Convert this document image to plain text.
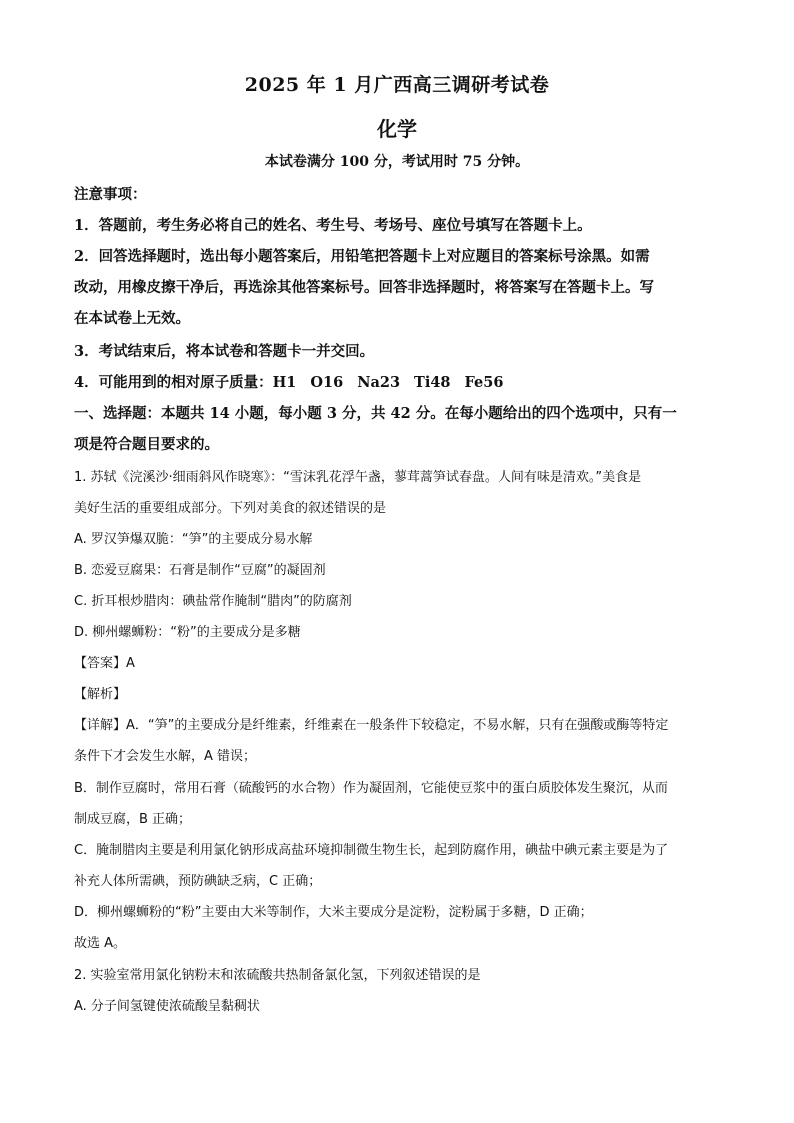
2025 年 1 月广西高三调研考试卷
化学
本试卷满分 100 分，考试用时 75 分钟。
注意事项：
1．答题前，考生务必将自己的姓名、考生号、考场号、座位号填写在答题卡上。
2．回答选择题时，选出每小题答案后，用铅笔把答题卡上对应题目的答案标号涂黑。如需
改动，用橡皮擦干净后，再选涂其他答案标号。回答非选择题时，将答案写在答题卡上。写
在本试卷上无效。
3．考试结束后，将本试卷和答题卡一并交回。
4．可能用到的相对原子质量：H1 O16 Na23 Ti48 Fe56
一、选择题：本题共 14 小题，每小题 3 分，共 42 分。在每小题给出的四个选项中，只有一
项是符合题目要求的。
1. 苏轼《浣溪沙·细雨斜风作晓寒》：“雪沫乳花浮午盏，蓼茸蒿笋试春盘。人间有味是清欢。”美食是
美好生活的重要组成部分。下列对美食的叙述错误的是
A. 罗汉笋爆双脆：“笋”的主要成分易水解
B. 恋爱豆腐果：石膏是制作“豆腐”的凝固剂
C. 折耳根炒腊肉：碘盐常作腌制“腊肉”的防腐剂
D. 柳州螺蛳粉：“粉”的主要成分是多糖
【答案】A
【解析】
【详解】A．“笋”的主要成分是纤维素，纤维素在一般条件下较稳定，不易水解，只有在强酸或酶等特定
条件下才会发生水解，A 错误；
B．制作豆腐时，常用石膏（硫酸钙的水合物）作为凝固剂，它能使豆浆中的蛋白质胶体发生聚沉，从而
制成豆腐，B 正确；
C．腌制腊肉主要是利用氯化钠形成高盐环境抑制微生物生长，起到防腐作用，碘盐中碘元素主要是为了
补充人体所需碘，预防碘缺乏病，C 正确；
D．柳州螺蛳粉的“粉”主要由大米等制作，大米主要成分是淀粉，淀粉属于多糖，D 正确；
故选 A。
2. 实验室常用氯化钠粉末和浓硫酸共热制备氯化氢，下列叙述错误的是
A. 分子间氢键使浓硫酸呈黏稠状
